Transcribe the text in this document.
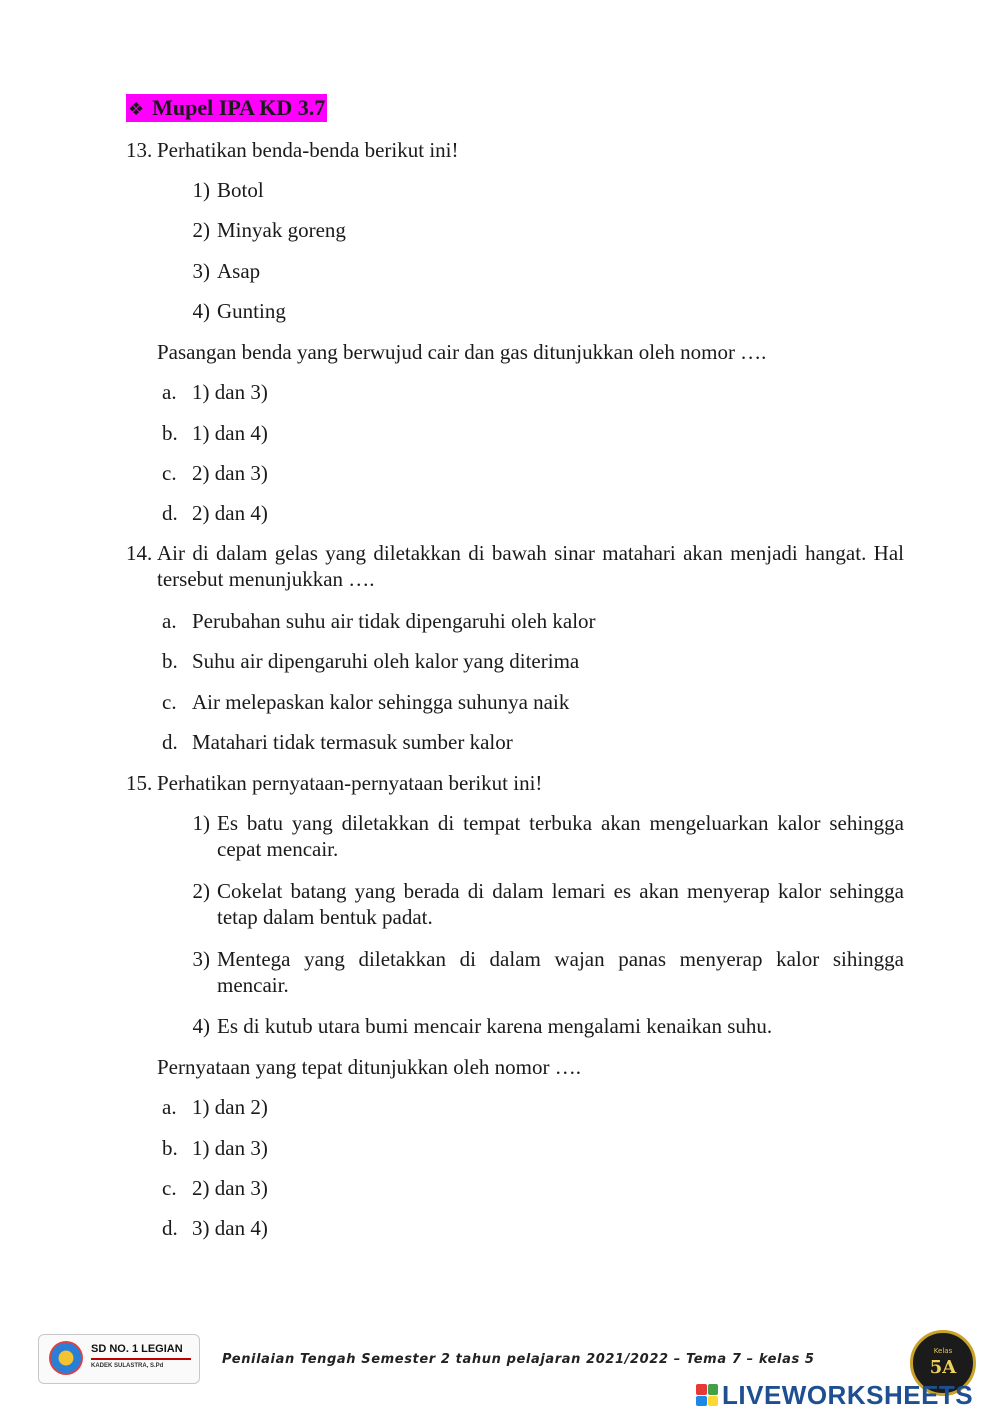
❖ Mupel IPA KD 3.7
13. Perhatikan benda-benda berikut ini!
1) Botol
2) Minyak goreng
3) Asap
4) Gunting
Pasangan benda yang berwujud cair dan gas ditunjukkan oleh nomor ….
a. 1) dan 3)
b. 1) dan 4)
c. 2) dan 3)
d. 2) dan 4)
14. Air di dalam gelas yang diletakkan di bawah sinar matahari akan menjadi hangat. Hal tersebut menunjukkan ….
a. Perubahan suhu air tidak dipengaruhi oleh kalor
b. Suhu air dipengaruhi oleh kalor yang diterima
c. Air melepaskan kalor sehingga suhunya naik
d. Matahari tidak termasuk sumber kalor
15. Perhatikan pernyataan-pernyataan berikut ini!
1) Es batu yang diletakkan di tempat terbuka akan mengeluarkan kalor sehingga cepat mencair.
2) Cokelat batang yang berada di dalam lemari es akan menyerap kalor sehingga tetap dalam bentuk padat.
3) Mentega yang diletakkan di dalam wajan panas menyerap kalor sihingga mencair.
4) Es di kutub utara bumi mencair karena mengalami kenaikan suhu.
Pernyataan yang tepat ditunjukkan oleh nomor ….
a. 1) dan 2)
b. 1) dan 3)
c. 2) dan 3)
d. 3) dan 4)
SD NO. 1 LEGIAN
KADEK SULASTRA, S.Pd	Penilaian Tengah Semester 2 tahun pelajaran 2021/2022 – Tema 7 – kelas 5
Kelas
5A
LIVEWORKSHEETS
